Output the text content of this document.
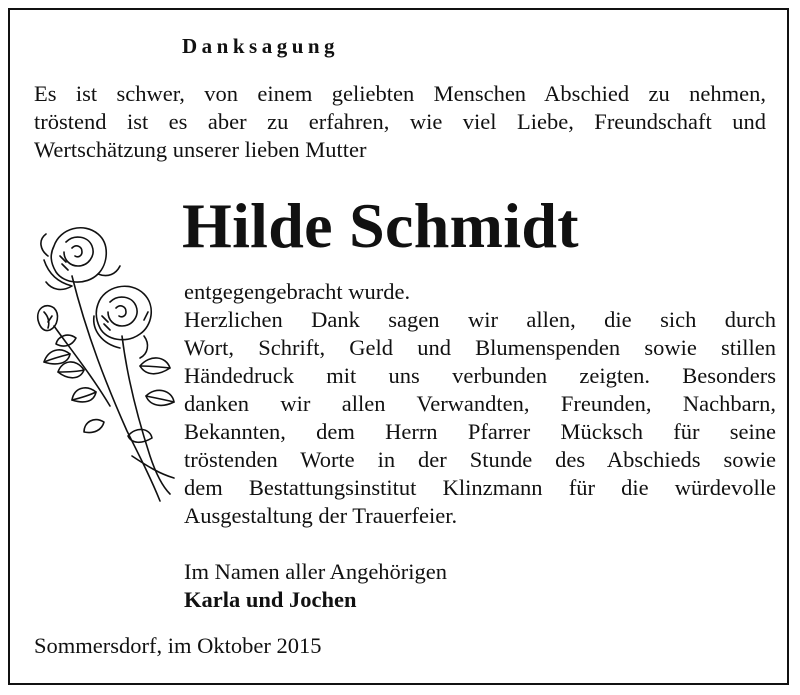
Danksagung
Es ist schwer, von einem geliebten Menschen Abschied zu nehmen,
tröstend ist es aber zu erfahren, wie viel Liebe, Freundschaft und
Wertschätzung unserer lieben Mutter
Hilde Schmidt
entgegengebracht wurde.
Herzlichen Dank sagen wir allen, die sich durch
Wort, Schrift, Geld und Blumenspenden sowie stillen
Händedruck mit uns verbunden zeigten. Besonders
danken wir allen Verwandten, Freunden, Nachbarn,
Bekannten, dem Herrn Pfarrer Mücksch für seine
tröstenden Worte in der Stunde des Abschieds sowie
dem Bestattungsinstitut Klinzmann für die würdevolle
Ausgestaltung der Trauerfeier.
Im Namen aller Angehörigen
Karla und Jochen
Sommersdorf, im Oktober 2015
